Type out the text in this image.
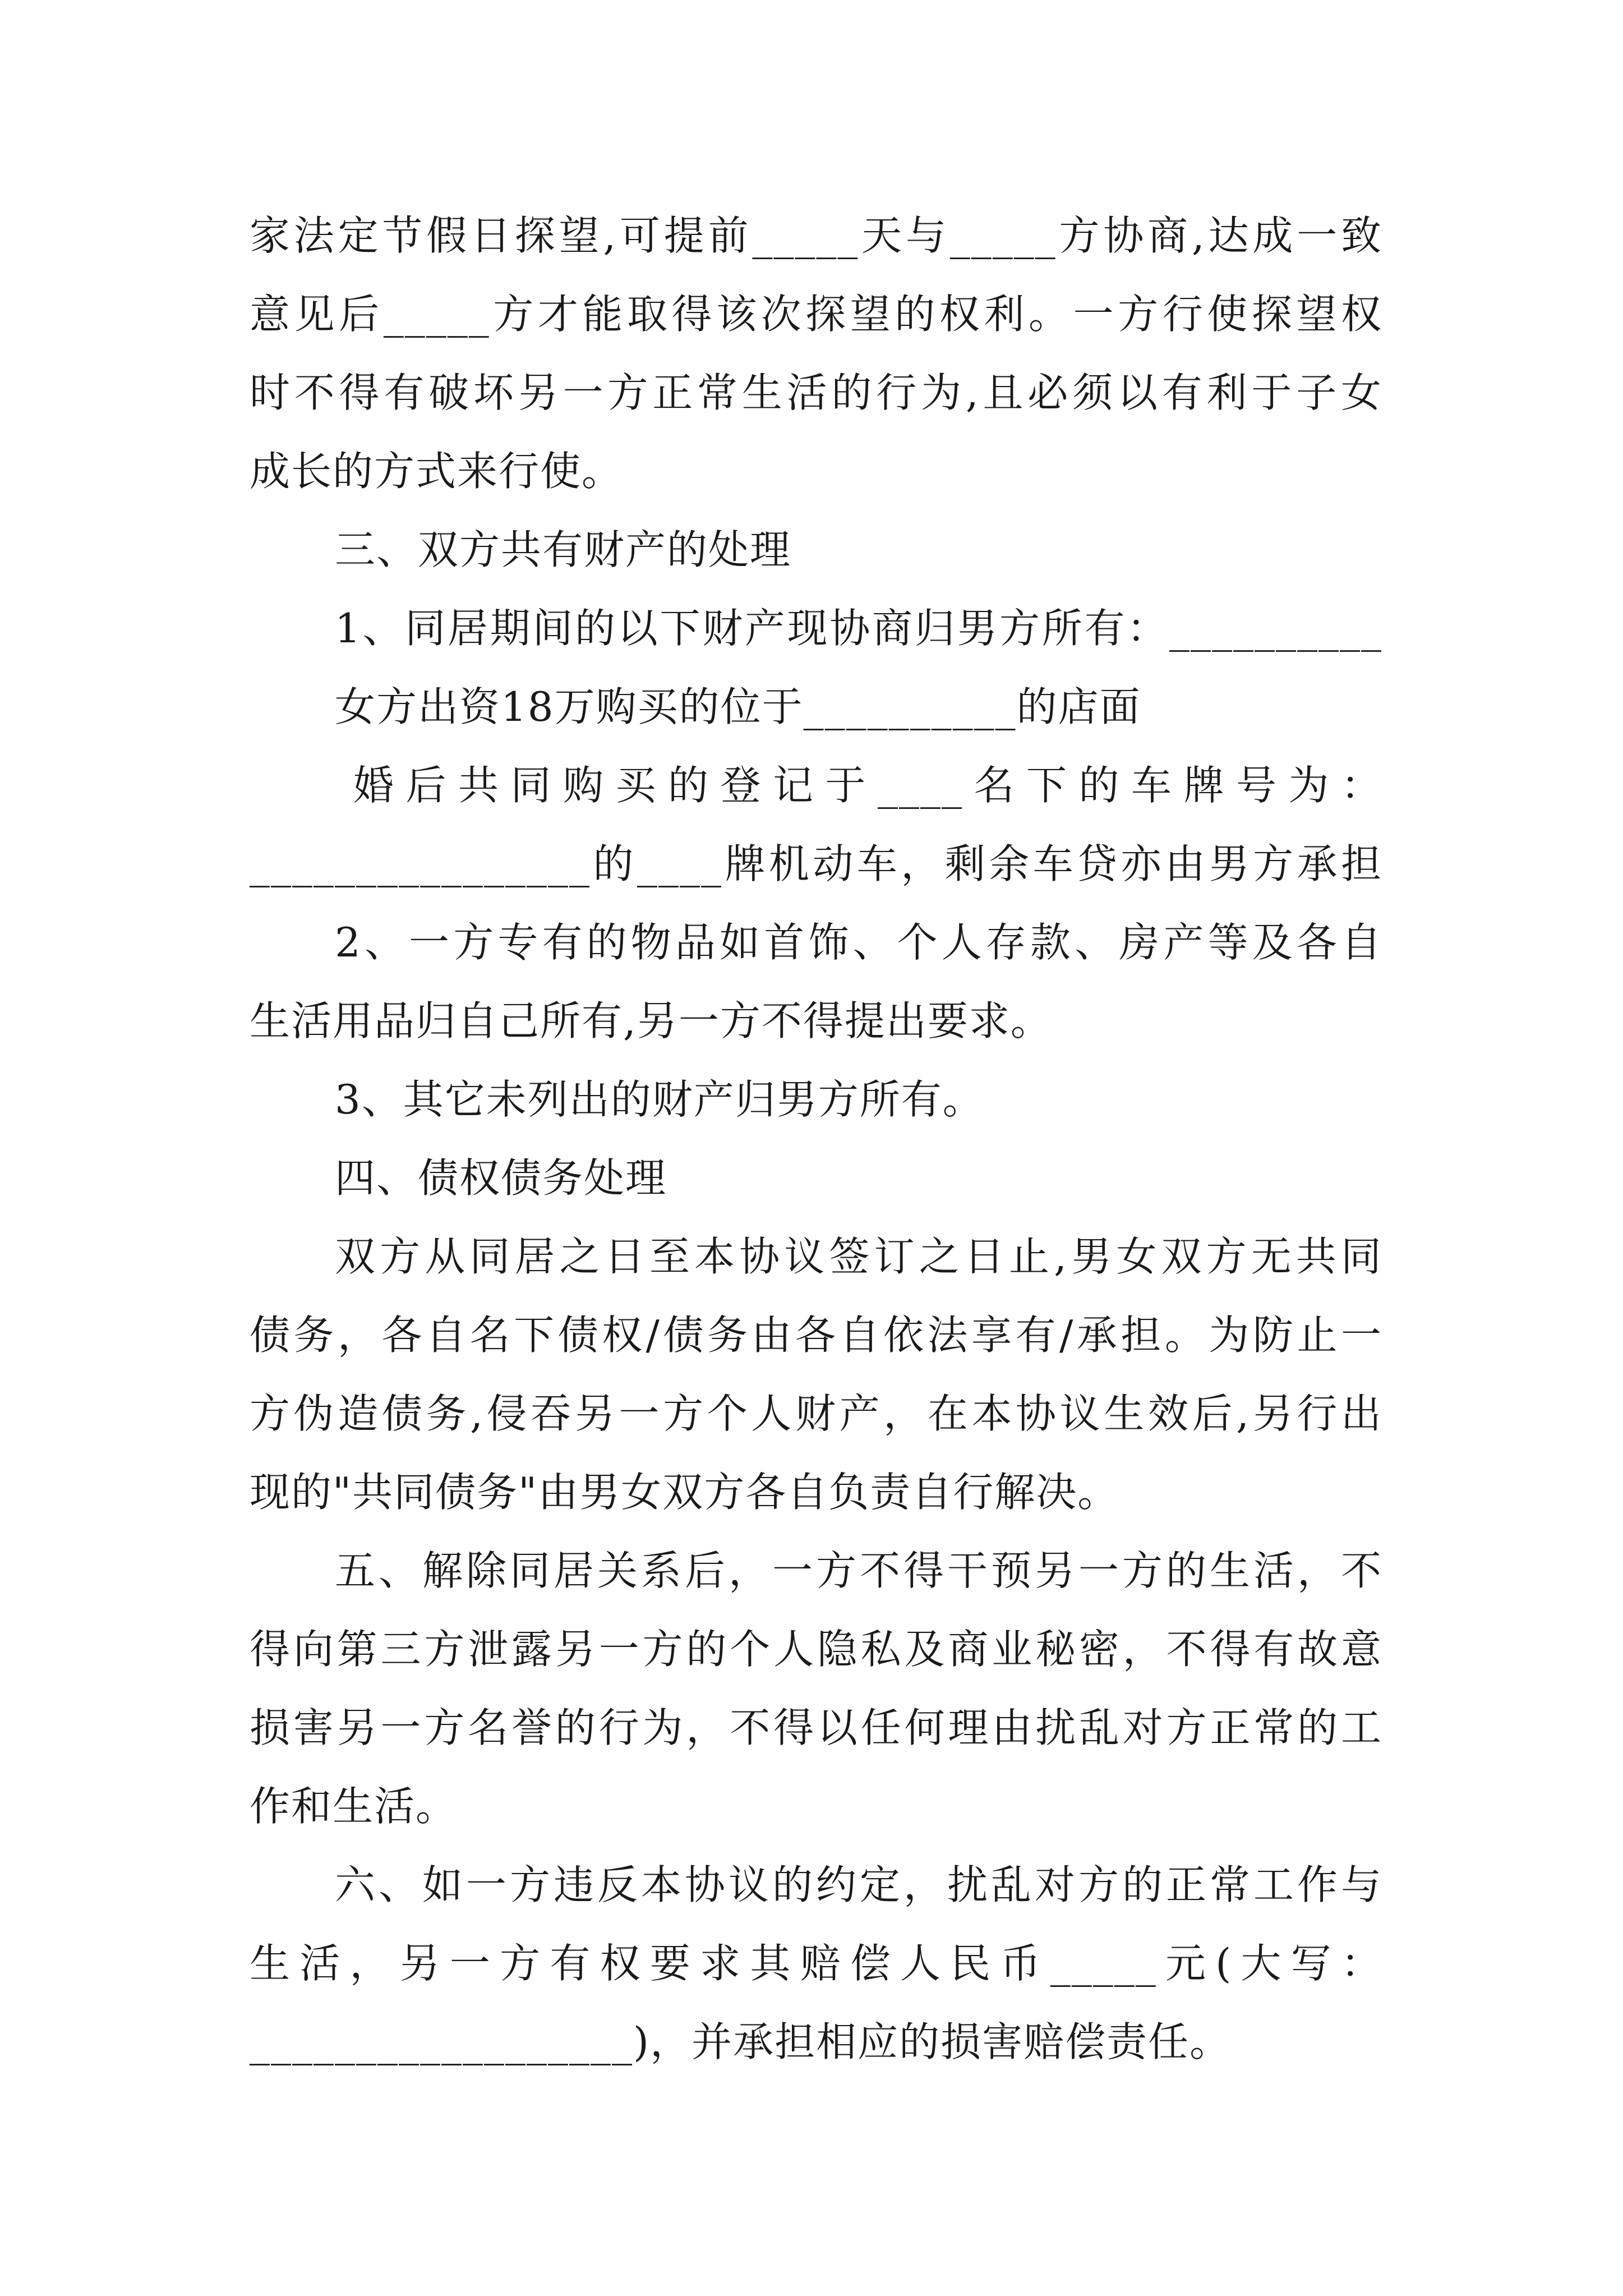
家法定节假日探望,可提前_____天与_____方协商,达成一致
意见后_____方才能取得该次探望的权利。一方行使探望权
时不得有破坏另一方正常生活的行为,且必须以有利于子女
成长的方式来行使。
三、双方共有财产的处理
1、同居期间的以下财产现协商归男方所有：__________
女方出资18万购买的位于__________的店面
婚后共同购买的登记于____名下的车牌号为：
________________的____牌机动车，剩余车贷亦由男方承担
2、一方专有的物品如首饰、个人存款、房产等及各自
生活用品归自己所有,另一方不得提出要求。
3、其它未列出的财产归男方所有。
四、债权债务处理
双方从同居之日至本协议签订之日止,男女双方无共同
债务，各自名下债权/债务由各自依法享有/承担。为防止一
方伪造债务,侵吞另一方个人财产，在本协议生效后,另行出
现的"共同债务"由男女双方各自负责自行解决。
五、解除同居关系后，一方不得干预另一方的生活，不
得向第三方泄露另一方的个人隐私及商业秘密，不得有故意
损害另一方名誉的行为，不得以任何理由扰乱对方正常的工
作和生活。
六、如一方违反本协议的约定，扰乱对方的正常工作与
生活，另一方有权要求其赔偿人民币_____元(大写：
__________________)，并承担相应的损害赔偿责任。
